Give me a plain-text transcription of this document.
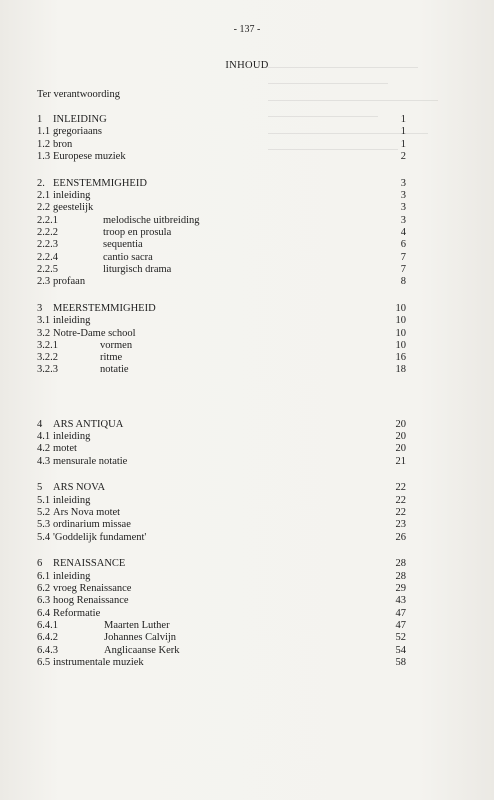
- 137 -
INHOUD
Ter verantwoording
1 INLEIDING	1
1.1 gregoriaans	1
1.2 bron	1
1.3 Europese muziek	2
2. EENSTEMMIGHEID	3
2.1 inleiding	3
2.2 geestelijk	3
2.2.1	melodische uitbreiding	3
2.2.2	troop en prosula	4
2.2.3	sequentia	6
2.2.4	cantio sacra	7
2.2.5	liturgisch drama	7
2.3 profaan	8
3 MEERSTEMMIGHEID	10
3.1 inleiding	10
3.2 Notre-Dame school	10
3.2.1	vormen	10
3.2.2	ritme	16
3.2.3	notatie	18
4 ARS ANTIQUA	20
4.1 inleiding	20
4.2 motet	20
4.3 mensurale notatie	21
5 ARS NOVA	22
5.1 inleiding	22
5.2 Ars Nova motet	22
5.3 ordinarium missae	23
5.4 'Goddelijk fundament'	26
6 RENAISSANCE	28
6.1 inleiding	28
6.2 vroeg Renaissance	29
6.3 hoog Renaissance	43
6.4 Reformatie	47
6.4.1	Maarten Luther	47
6.4.2	Johannes Calvijn	52
6.4.3	Anglicaanse Kerk	54
6.5 instrumentale muziek	58
